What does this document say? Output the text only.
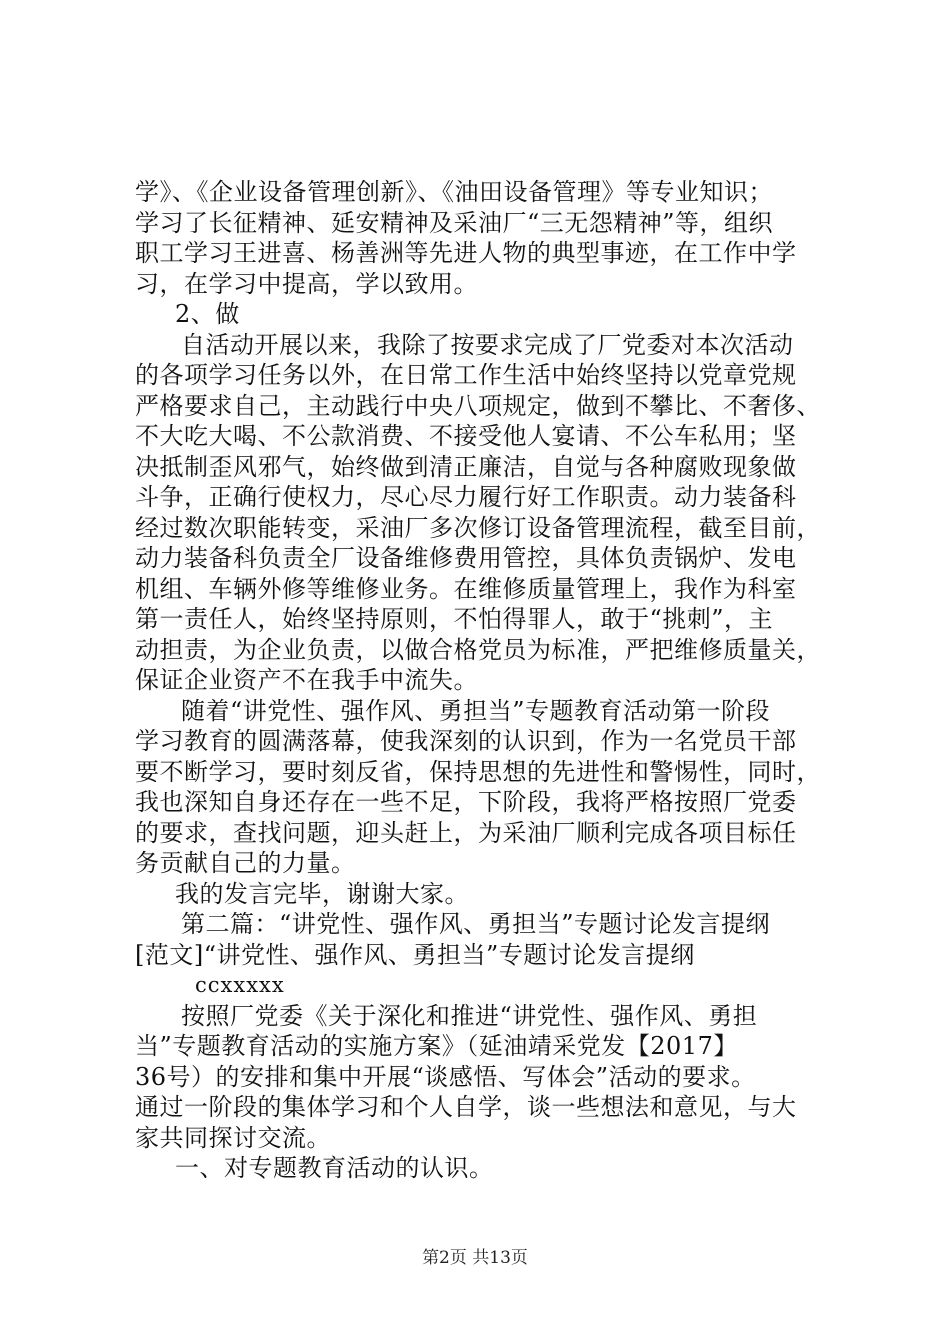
学》、《企业设备管理创新》、《油田设备管理》等专业知识；
学习了长征精神、延安精神及采油厂“三无怨精神”等，组织
职工学习王进喜、杨善洲等先进人物的典型事迹，在工作中学
习，在学习中提高，学以致用。
2、做
自活动开展以来，我除了按要求完成了厂党委对本次活动
的各项学习任务以外，在日常工作生活中始终坚持以党章党规
严格要求自己，主动践行中央八项规定，做到不攀比、不奢侈、
不大吃大喝、不公款消费、不接受他人宴请、不公车私用；坚
决抵制歪风邪气，始终做到清正廉洁，自觉与各种腐败现象做
斗争，正确行使权力，尽心尽力履行好工作职责。动力装备科
经过数次职能转变，采油厂多次修订设备管理流程，截至目前，
动力装备科负责全厂设备维修费用管控，具体负责锅炉、发电
机组、车辆外修等维修业务。在维修质量管理上，我作为科室
第一责任人，始终坚持原则，不怕得罪人，敢于“挑刺”，主
动担责，为企业负责，以做合格党员为标准，严把维修质量关，
保证企业资产不在我手中流失。
随着“讲党性、强作风、勇担当”专题教育活动第一阶段
学习教育的圆满落幕，使我深刻的认识到，作为一名党员干部
要不断学习，要时刻反省，保持思想的先进性和警惕性，同时，
我也深知自身还存在一些不足，下阶段，我将严格按照厂党委
的要求，查找问题，迎头赶上，为采油厂顺利完成各项目标任
务贡献自己的力量。
我的发言完毕，谢谢大家。
第二篇：“讲党性、强作风、勇担当”专题讨论发言提纲
[范文]“讲党性、强作风、勇担当”专题讨论发言提纲
ccxxxxx
按照厂党委《关于深化和推进“讲党性、强作风、勇担
当”专题教育活动的实施方案》（延油靖采党发【2017】
36号）的安排和集中开展“谈感悟、写体会”活动的要求。
通过一阶段的集体学习和个人自学，谈一些想法和意见，与大
家共同探讨交流。
一、对专题教育活动的认识。
第2页 共13页
